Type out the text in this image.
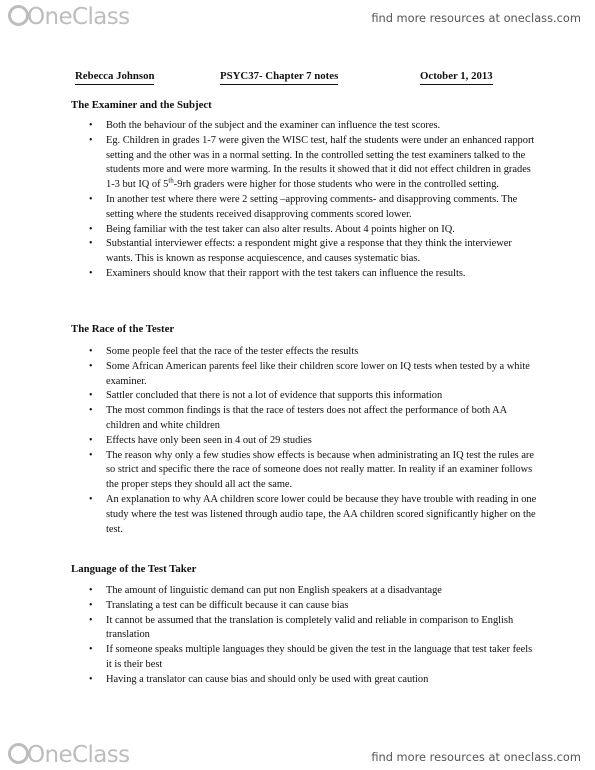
OneClass	find more resources at oneclass.com
Rebecca Johnson	PSYC37- Chapter 7 notes	October 1, 2013
The Examiner and the Subject
• Both the behaviour of the subject and the examiner can influence the test scores.
• Eg. Children in grades 1-7 were given the WISC test, half the students were under an enhanced rapport setting and the other was in a normal setting. In the controlled setting the test examiners talked to the students more and were more warming. In the results it showed that it did not effect children in grades 1-3 but IQ of 5th-9rh graders were higher for those students who were in the controlled setting.
• In another test where there were 2 setting –approving comments- and disapproving comments. The setting where the students received disapproving comments scored lower.
• Being familiar with the test taker can also alter results. About 4 points higher on IQ.
• Substantial interviewer effects: a respondent might give a response that they think the interviewer wants. This is known as response acquiescence, and causes systematic bias.
• Examiners should know that their rapport with the test takers can influence the results.
The Race of the Tester
• Some people feel that the race of the tester effects the results
• Some African American parents feel like their children score lower on IQ tests when tested by a white examiner.
• Sattler concluded that there is not a lot of evidence that supports this information
• The most common findings is that the race of testers does not affect the performance of both AA children and white children
• Effects have only been seen in 4 out of 29 studies
• The reason why only a few studies show effects is because when administrating an IQ test the rules are so strict and specific there the race of someone does not really matter. In reality if an examiner follows the proper steps they should all act the same.
• An explanation to why AA children score lower could be because they have trouble with reading in one study where the test was listened through audio tape, the AA children scored significantly higher on the test.
Language of the Test Taker
• The amount of linguistic demand can put non English speakers at a disadvantage
• Translating a test can be difficult because it can cause bias
• It cannot be assumed that the translation is completely valid and reliable in comparison to English translation
• If someone speaks multiple languages they should be given the test in the language that test taker feels it is their best
• Having a translator can cause bias and should only be used with great caution
OneClass	find more resources at oneclass.com
